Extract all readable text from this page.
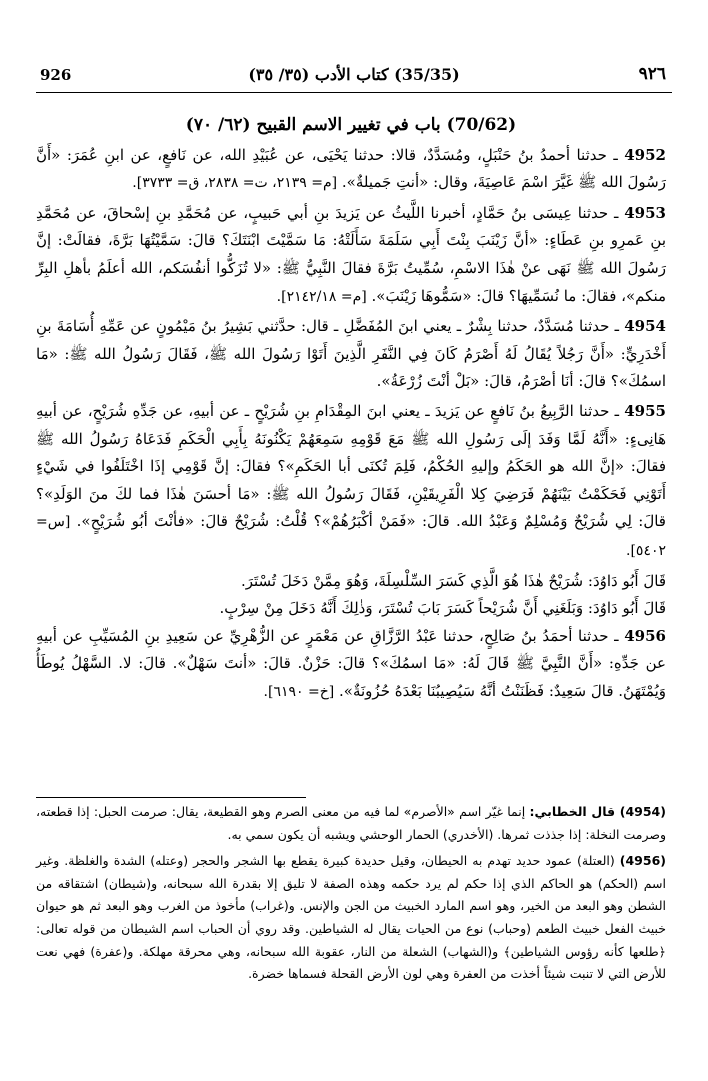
926	(35/35) كتاب الأدب (٣٥/ ٣٥)	٩٢٦
(70/62) باب في تغيير الاسم القبيح (٦٢/ ٧٠)

4952 ـ حدثنا أحمدُ بنُ حَنْبَلٍ، ومُسَدَّدٌ، قالا: حدثنا يَحْيَى، عن عُبَيْدِ الله، عن نَافعٍ، عن ابنِ عُمَرَ: «أَنَّ رَسُولَ الله ﷺ غَيَّرَ اسْمَ عَاصِيَةَ، وقال: «أنتِ جَميلةٌ». [م= ٢١٣٩، ت= ٢٨٣٨، ق= ٣٧٣٣].

4953 ـ حدثنا عِيسَى بنُ حَمَّادٍ، أخبرنا اللَّيثُ عن يَزيدَ بنِ أبي حَبيبٍ، عن مُحَمَّدِ بنِ إسْحاقَ، عن مُحَمَّدِ بنِ عَمرِو بنِ عَطَاءٍ: «أنَّ زَيْنَبَ بِنْتَ أَبِي سَلَمَةَ سَأَلَتْهُ: مَا سَمَّيْتَ ابْنَتَكَ؟ قالَ: سَمَّيْتُهَا بَرَّةَ، فقالَتْ: إنَّ رَسُولَ الله ﷺ نَهَى عنْ هٰذَا الاسْمِ، سُمِّيتُ بَرَّةَ فقالَ النَّبِيُّ ﷺ: «لا تُزَكُّوا أنفُسَكم، الله أعلَمُ بأهلِ البِرِّ منكم»، فقالَ: ما نُسَمِّيهَا؟ قالَ: «سَمُّوهَا زَيْنَبَ». [م= ٢١٤٢/١٨].

4954 ـ حدثنا مُسَدَّدٌ، حدثنا بِشْرٌ ـ يعني ابنَ المُفَضَّلِ ـ قال: حدَّثني بَشِيرُ بنُ مَيْمُونٍ عن عَمِّهِ أُسَامَةَ بنِ أَخْدَرِيٍّ: «أَنَّ رَجُلاً يُقَالُ لَهُ أَصْرَمُ كَانَ فِي النَّفَرِ الَّذِينَ أَتَوْا رَسُولَ الله ﷺ، فَقَالَ رَسُولُ الله ﷺ: «مَا اسمُكَ»؟ قالَ: أنَا أصْرَمُ، قالَ: «بَلْ أنْتَ زُرْعَةُ».

4955 ـ حدثنا الرَّبِيعُ بنُ نَافعٍ عن يَزيدَ ـ يعني ابنَ المِقْدَامِ بنِ شُرَيْحٍ ـ عن أبيهِ، عن جَدِّهِ شُرَيْحٍ، عن أبيهِ هَانِىءٍ: «أَنَّهُ لَمَّا وَفَدَ إلَى رَسُولِ الله ﷺ مَعَ قَوْمِهِ سَمِعَهُمْ يَكْنُونَهُ بِأَبِي الْحَكَمِ فَدَعَاهُ رَسُولُ الله ﷺ فقالَ: «إنَّ الله هو الحَكَمُ وإليهِ الحُكْمُ، فَلِمَ تُكنَى أبا الحَكَمِ»؟ فقالَ: إنَّ قَوْمِي إذَا اخْتَلَفُوا في شَيْءٍ أَتَوْنِي فَحَكَمْتُ بَيْنَهُمْ فَرَضِيَ كِلا الْفَرِيقَيْنِ، فَقَالَ رَسُولُ الله ﷺ: «مَا أحسَنَ هٰذَا فما لكَ منَ الوَلَدِ»؟ قالَ: لِي شُرَيْحٌ وَمُسْلِمٌ وَعَبْدُ الله. قالَ: «فَمَنْ أكْبَرُهُمْ»؟ قُلْتُ: شُرَيْحٌ قالَ: «فأنْتَ أبُو شُرَيْحٍ». [س= ٥٤٠٢].

قَالَ أَبُو دَاوُدَ: شُرَيْحٌ هٰذَا هُوَ الَّذِي كَسَرَ السِّلْسِلَةَ، وَهُوَ مِمَّنْ دَخَلَ تُسْتَرَ.

قَالَ أَبُو دَاوُدَ: وَبَلَغَنِي أَنَّ شُرَيْحاً كَسَرَ بَابَ تُسْتَرَ، وَذٰلِكَ أَنَّهُ دَخَلَ مِنْ سِرْبٍ.

4956 ـ حدثنا أحمَدُ بنُ صَالِحٍ، حدثنا عَبْدُ الرَّزَّاقِ عن مَعْمَرٍ عن الزُّهْرِيِّ عن سَعِيدِ بنِ المُسَيِّبِ عن أبيهِ عن جَدِّهِ: «أَنَّ النَّبِيَّ ﷺ قَالَ لَهُ: «مَا اسمُكَ»؟ قالَ: حَزْنٌ. قالَ: «أنتَ سَهْلٌ». قالَ: لا. السَّهْلُ يُوطَأُ وَيُمْتَهَنُ. قالَ سَعِيدٌ: فَظَنَنْتُ أنَّهُ سَيُصِيبُنَا بَعْدَهُ حُزُونَةٌ». [خ= ٦١٩٠].

(4954) قال الخطابي: إنما غيّر اسم «الأصرم» لما فيه من معنى الصرم وهو القطيعة، يقال: صرمت الحبل: إذا قطعته، وصرمت النخلة: إذا جذذت ثمرها. (الأخدري) الحمار الوحشي ويشبه أن يكون سمي به.

(4956) (العتلة) عمود حديد تهدم به الحيطان، وقيل حديدة كبيرة يقطع بها الشجر والحجر (وعتله) الشدة والغلظة. وغير اسم (الحكم) هو الحاكم الذي إذا حكم لم يرد حكمه وهذه الصفة لا تليق إلا بقدرة الله سبحانه، و(شيطان) اشتقاقه من الشطن وهو البعد من الخير، وهو اسم المارد الخبيث من الجن والإنس. و(غراب) مأخوذ من الغرب وهو البعد ثم هو حيوان خبيث الفعل خبيث الطعم (وحباب) نوع من الحيات يقال له الشياطين. وقد روي أن الحباب اسم الشيطان من قوله تعالى: ﴿طلعها كأنه رؤوس الشياطين﴾ و(الشهاب) الشعلة من النار، عقوبة الله سبحانه، وهي محرقة مهلكة. و(عفرة) فهي نعت للأرض التي لا تنبت شيئاً أخذت من العفرة وهي لون الأرض القحلة فسماها خضرة.
